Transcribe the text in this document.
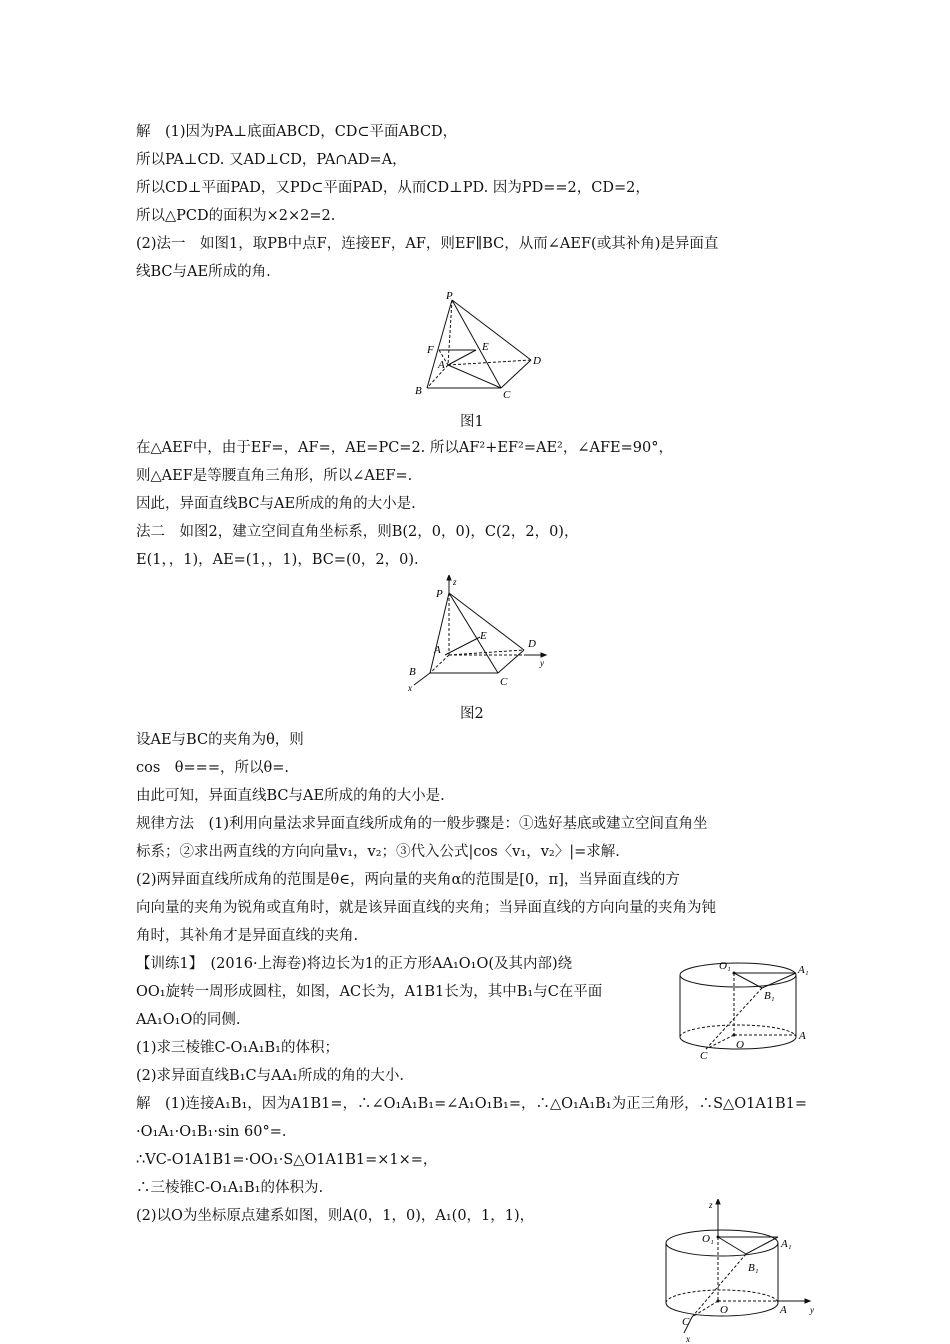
解　(1)因为PA⊥底面ABCD，CD⊂平面ABCD，
所以PA⊥CD. 又AD⊥CD，PA∩AD=A，
所以CD⊥平面PAD，又PD⊂平面PAD，从而CD⊥PD. 因为PD==2，CD=2，
所以△PCD的面积为×2×2=2.
(2)法一　如图1，取PB中点F，连接EF，AF，则EF∥BC，从而∠AEF(或其补角)是异面直
线BC与AE所成的角.
P
F	E
A	D
B	C
图1
在△AEF中，由于EF=，AF=，AE=PC=2. 所以AF²+EF²=AE²，∠AFE=90°，
则△AEF是等腰直角三角形，所以∠AEF=.
因此，异面直线BC与AE所成的角的大小是.
法二　如图2，建立空间直角坐标系，则B(2，0，0)，C(2，2，0)，
E(1，，1)，AE=(1，，1)，BC=(0，2，0).
z
P
E
A	D
y
B
C
x
图2
设AE与BC的夹角为θ，则
cos　θ===，所以θ=.
由此可知，异面直线BC与AE所成的角的大小是.
规律方法　(1)利用向量法求异面直线所成角的一般步骤是：①选好基底或建立空间直角坐
标系；②求出两直线的方向向量v₁，v₂；③代入公式|cos〈v₁，v₂〉|=求解.
(2)两异面直线所成角的范围是θ∈，两向量的夹角α的范围是[0，π]，当异面直线的方
向向量的夹角为锐角或直角时，就是该异面直线的夹角；当异面直线的方向向量的夹角为钝
角时，其补角才是异面直线的夹角.
【训练1】　(2016·上海卷)将边长为1的正方形AA₁O₁O(及其内部)绕
OO₁旋转一周形成圆柱，如图，AC长为，A1B1长为，其中B₁与C在平面
AA₁O₁O的同侧.
(1)求三棱锥C-O₁A₁B₁的体积；
(2)求异面直线B₁C与AA₁所成的角的大小.
O₁	A₁
B₁
O
A
C
解　(1)连接A₁B₁，因为A1B1=，∴∠O₁A₁B₁=∠A₁O₁B₁=，∴△O₁A₁B₁为正三角形，∴S△O1A1B1=
·O₁A₁·O₁B₁·sin 60°=.
∴VC-O1A1B1=·OO₁·S△O1A1B1=×1×=，
∴三棱锥C-O₁A₁B₁的体积为.
(2)以O为坐标原点建系如图，则A(0，1，0)，A₁(0，1，1)，
z
O₁	A₁
B₁
O	A	y
C
x
